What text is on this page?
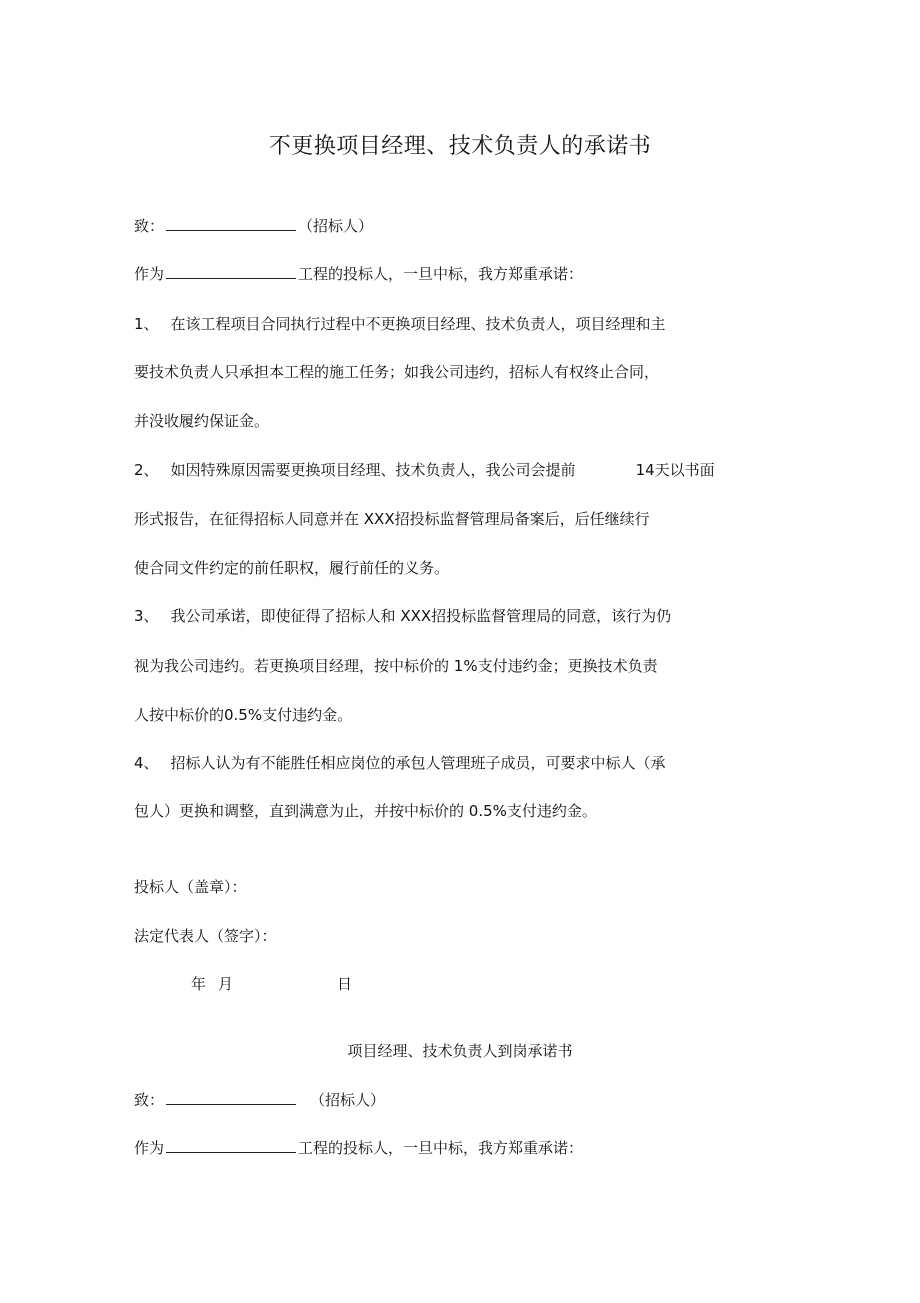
不更换项目经理、技术负责人的承诺书

致：	（招标人）

作为	工程的投标人，一旦中标，我方郑重承诺：

1、 在该工程项目合同执行过程中不更换项目经理、技术负责人，项目经理和主

要技术负责人只承担本工程的施工任务；如我公司违约，招标人有权终止合同，

并没收履约保证金。

2、 如因特殊原因需要更换项目经理、技术负责人，我公司会提前	14天以书面

形式报告，在征得招标人同意并在 XXX招投标监督管理局备案后，后任继续行

使合同文件约定的前任职权，履行前任的义务。

3、 我公司承诺，即使征得了招标人和 XXX招投标监督管理局的同意，该行为仍

视为我公司违约。若更换项目经理，按中标价的 1%支付违约金；更换技术负责

人按中标价的0.5%支付违约金。

4、 招标人认为有不能胜任相应岗位的承包人管理班子成员，可要求中标人（承

包人）更换和调整，直到满意为止，并按中标价的 0.5%支付违约金。

投标人（盖章）：

法定代表人（签字）：

年 月	日

项目经理、技术负责人到岗承诺书

致：	（招标人）

作为	工程的投标人，一旦中标，我方郑重承诺：
